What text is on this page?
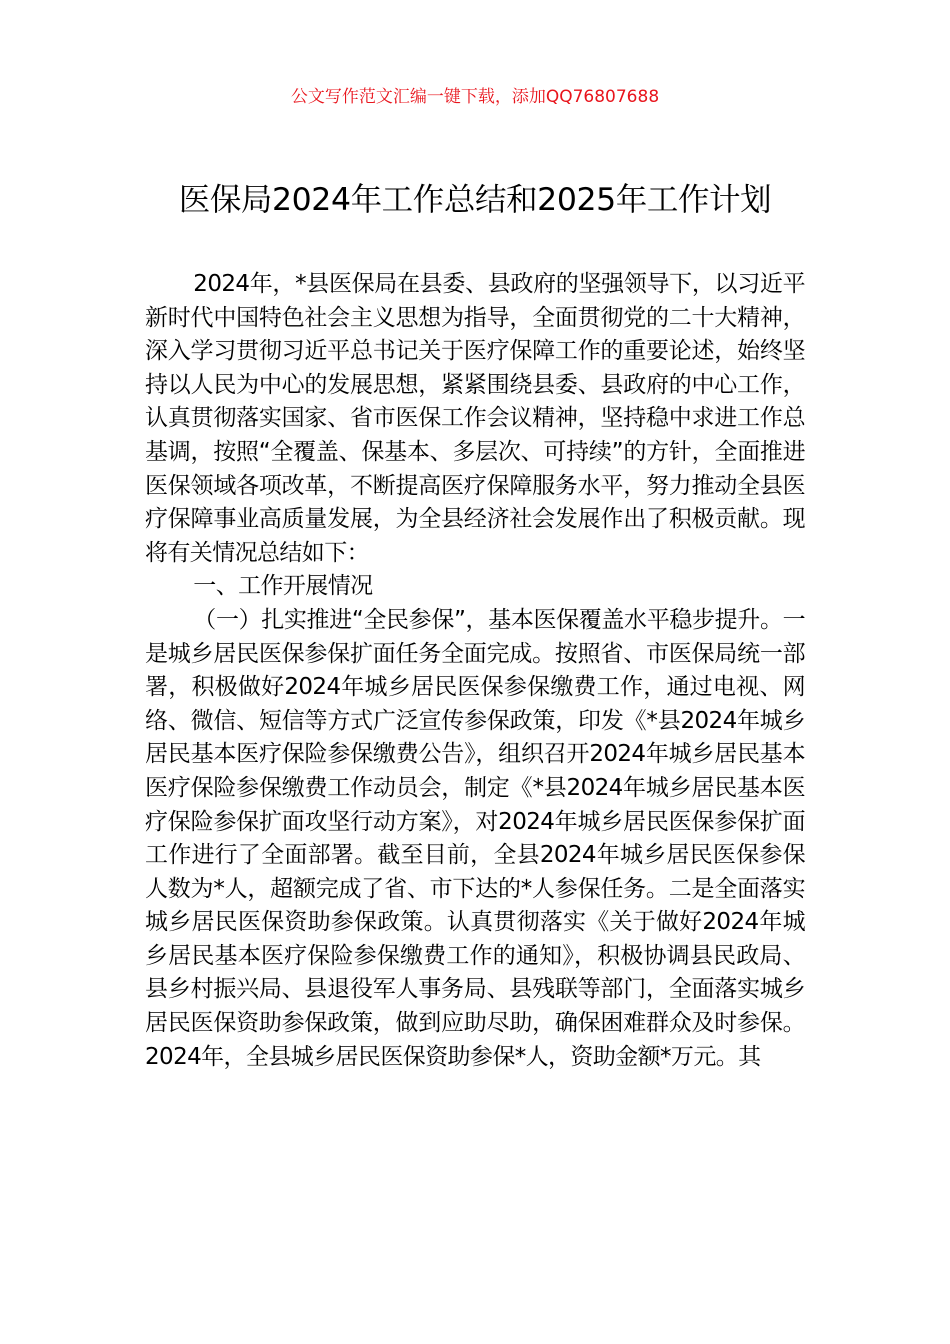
公文写作范文汇编一键下载，添加QQ76807688
医保局2024年工作总结和2025年工作计划

2024年，*县医保局在县委、县政府的坚强领导下，以习近平新时代中国特色社会主义思想为指导，全面贯彻党的二十大精神，深入学习贯彻习近平总书记关于医疗保障工作的重要论述，始终坚持以人民为中心的发展思想，紧紧围绕县委、县政府的中心工作，认真贯彻落实国家、省市医保工作会议精神，坚持稳中求进工作总基调，按照“全覆盖、保基本、多层次、可持续”的方针，全面推进医保领域各项改革，不断提高医疗保障服务水平，努力推动全县医疗保障事业高质量发展，为全县经济社会发展作出了积极贡献。现将有关情况总结如下：

一、工作开展情况

（一）扎实推进“全民参保”，基本医保覆盖水平稳步提升。一是城乡居民医保参保扩面任务全面完成。按照省、市医保局统一部署，积极做好2024年城乡居民医保参保缴费工作，通过电视、网络、微信、短信等方式广泛宣传参保政策，印发《*县2024年城乡居民基本医疗保险参保缴费公告》，组织召开2024年城乡居民基本医疗保险参保缴费工作动员会，制定《*县2024年城乡居民基本医疗保险参保扩面攻坚行动方案》，对2024年城乡居民医保参保扩面工作进行了全面部署。截至目前，全县2024年城乡居民医保参保人数为*人，超额完成了省、市下达的*人参保任务。二是全面落实城乡居民医保资助参保政策。认真贯彻落实《关于做好2024年城乡居民基本医疗保险参保缴费工作的通知》，积极协调县民政局、县乡村振兴局、县退役军人事务局、县残联等部门，全面落实城乡居民医保资助参保政策，做到应助尽助，确保困难群众及时参保。2024年，全县城乡居民医保资助参保*人，资助金额*万元。其
